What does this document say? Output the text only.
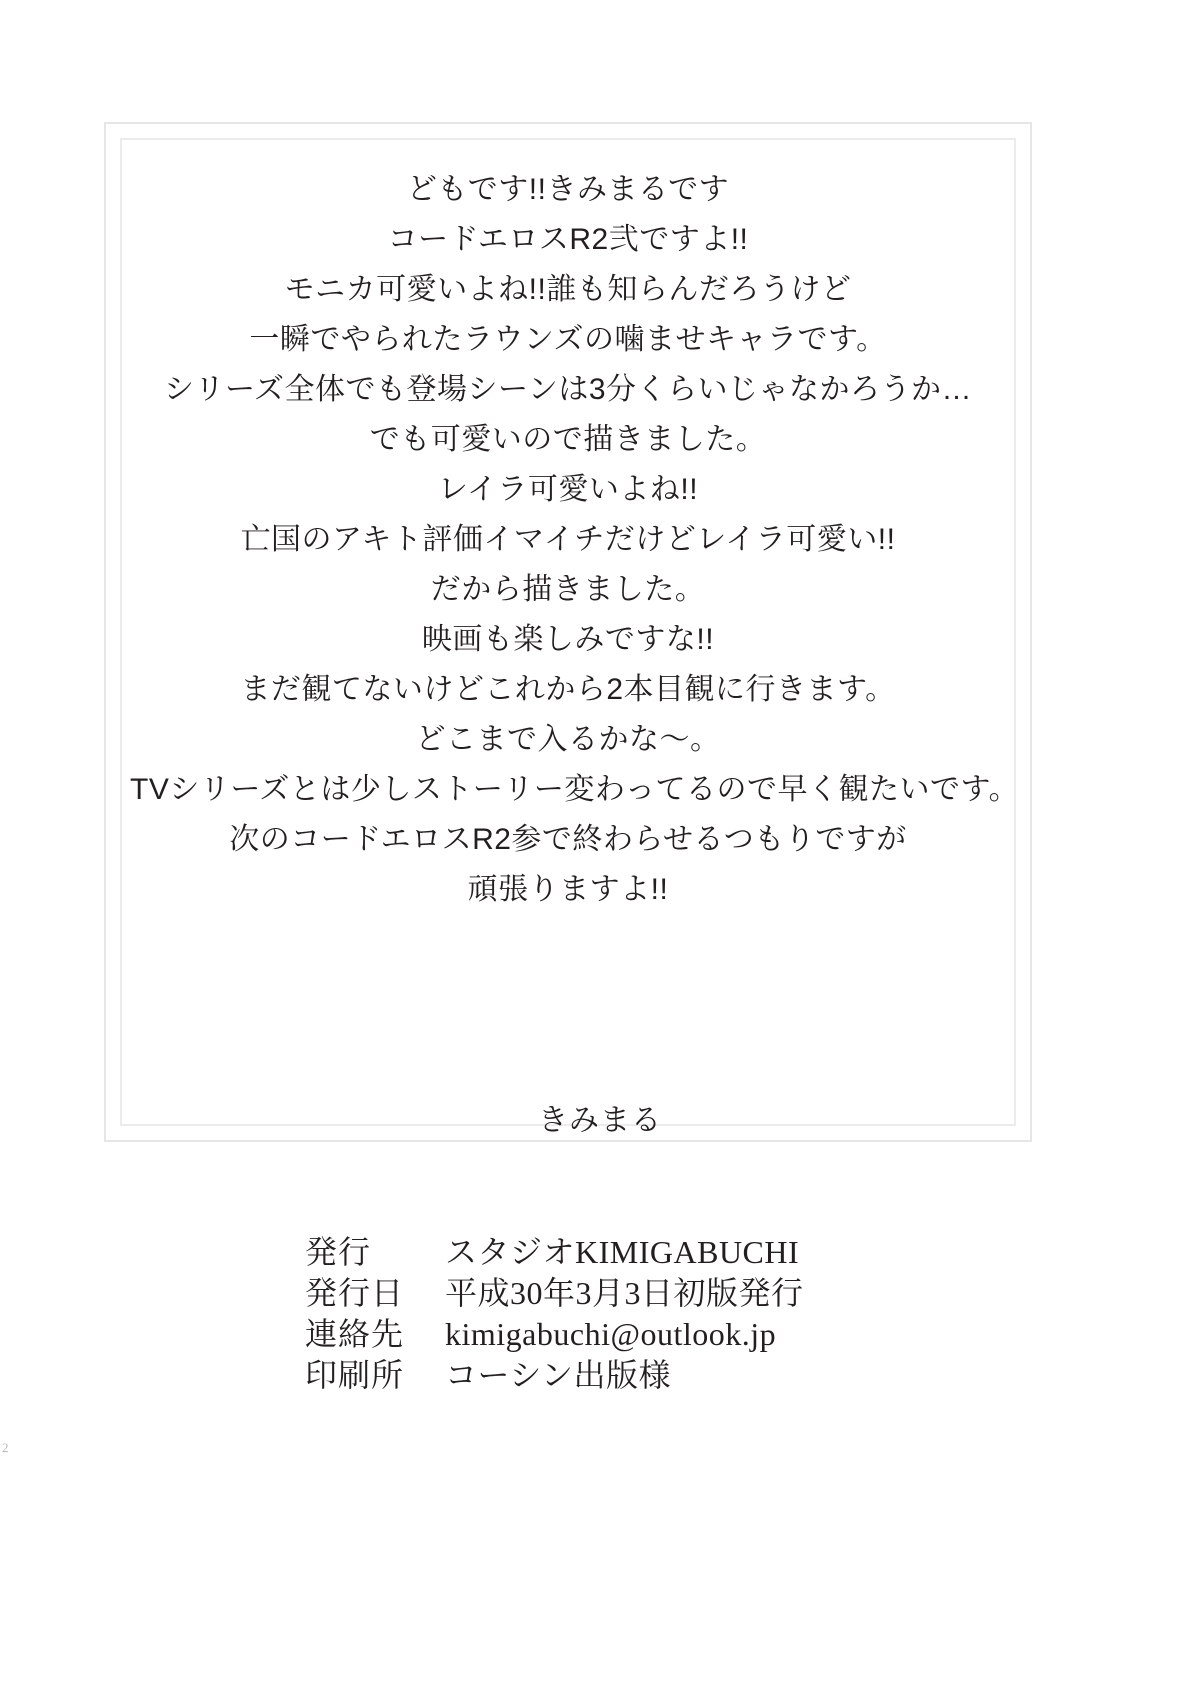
どもです!!きみまるです
コードエロスR2弐ですよ!!
モニカ可愛いよね!!誰も知らんだろうけど
一瞬でやられたラウンズの噛ませキャラです。
シリーズ全体でも登場シーンは3分くらいじゃなかろうか…
でも可愛いので描きました。
レイラ可愛いよね!!
亡国のアキト評価イマイチだけどレイラ可愛い!!
だから描きました。
映画も楽しみですな!!
まだ観てないけどこれから2本目観に行きます。
どこまで入るかな〜。
TVシリーズとは少しストーリー変わってるので早く観たいです。
次のコードエロスR2参で終わらせるつもりですが
頑張りますよ!!
きみまる
発行	スタジオKIMIGABUCHI
発行日	平成30年3月3日初版発行
連絡先	kimigabuchi@outlook.jp
印刷所	コーシン出版様
2
